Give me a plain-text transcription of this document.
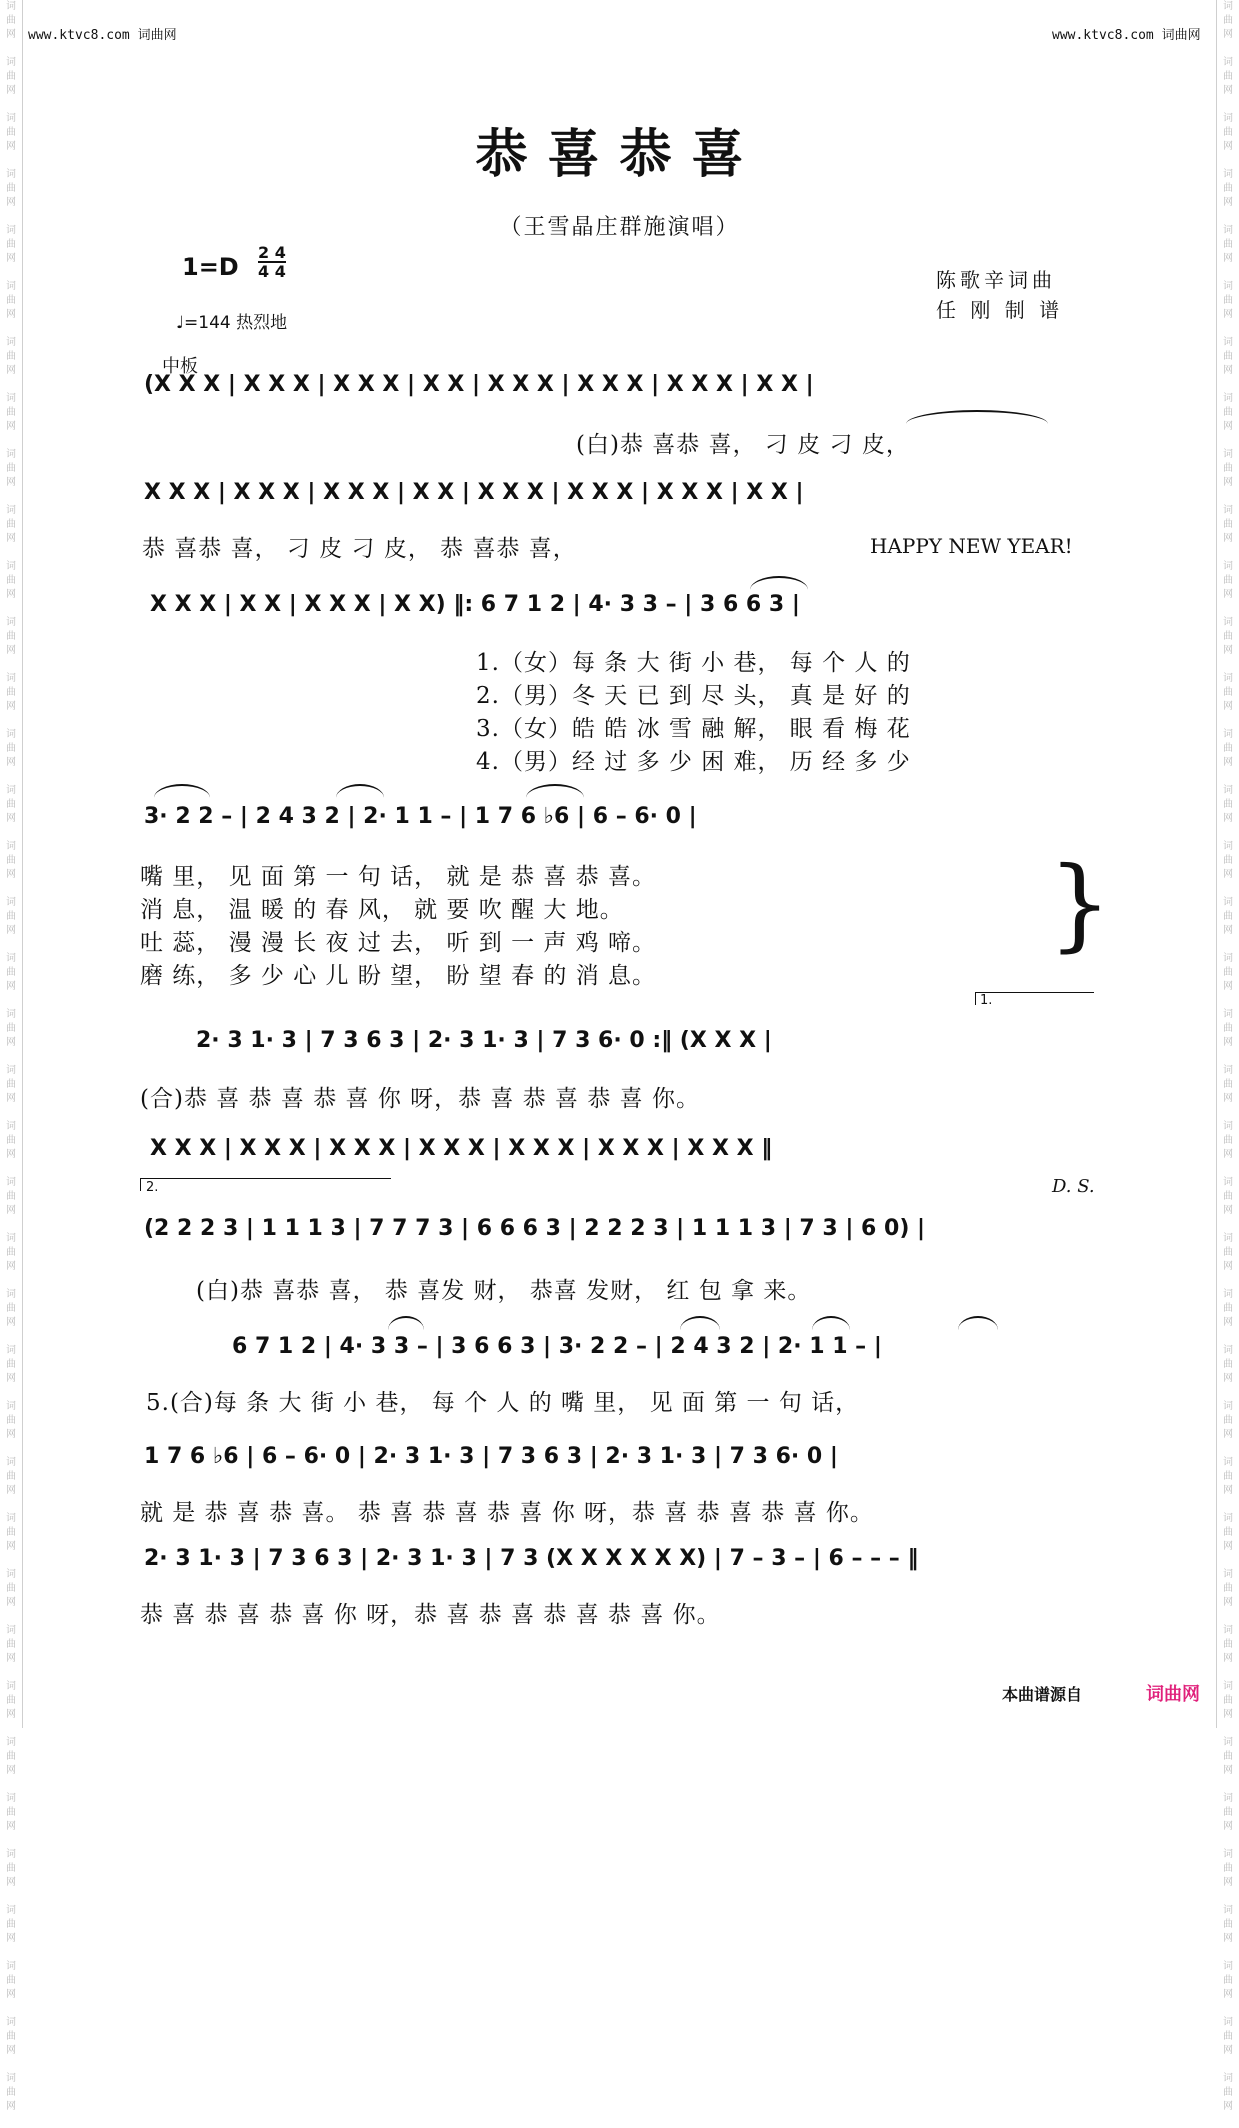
词
曲
网
词
曲
网
词
曲
网
词
曲
网
词
曲
网
词
曲
网
词
曲
网
词
曲
网
词
曲
网
词
曲
网
词
曲
网
词
曲
网
词
曲
网
词
曲
网
词
曲
网
词
曲
网
词
曲
网
词
曲
网
词
曲
网
词
曲
网
词
曲
网
词
曲
网
词
曲
网
词
曲
网
词
曲
网
词
曲
网
词
曲
网
词
曲
网
词
曲
网
词
曲
网
词
曲
网
词
曲
网
词
曲
网
词
曲
网
词
曲
网
词
曲
网
词
曲
网
词
曲
网
词
曲
网
词
曲
网
词
曲
网
词
曲
网
词
曲
网
词
曲
网
词
曲
网
词
曲
网
词
曲
网
词
曲
网
词
曲
网
词
曲
网
词
曲
网
词
曲
网
词
曲
网
词
曲
网
词
曲
网
词
曲
网
词
曲
网
词
曲
网
词
曲
网
词
曲
网
词
曲
网
词
曲
网
词
曲
网
词
曲
网
词
曲
网
词
曲
网
词
曲
网
词
曲
网
词
曲
网
词
曲
网
词
曲
网
词
曲
网
词
曲
网
词
曲
网
词
曲
网
词
曲
网
www.ktvc8.com 词曲网	www.ktvc8.com 词曲网
恭喜恭喜
（王雪晶庄群施演唱）
1=D
2 4
4 4
♩=144 热烈地
陈歌辛词曲
任 刚 制 谱
中板
(X X X | X X X | X X X | X X | X X X | X X X | X X X | X X |
(白)恭 喜恭 喜， 刁 皮 刁 皮，
X X X | X X X | X X X | X X | X X X | X X X | X X X | X X |
恭 喜恭 喜， 刁 皮 刁 皮， 恭 喜恭 喜，	HAPPY NEW YEAR!
X X X | X X | X X X | X X) ‖: 6 7 1 2 | 4· 3 3 – | 3 6 6 3 |
1.（女）每 条 大 街 小 巷， 每 个 人 的
2.（男）冬 天 已 到 尽 头， 真 是 好 的
3.（女）皓 皓 冰 雪 融 解， 眼 看 梅 花
4.（男）经 过 多 少 困 难， 历 经 多 少
3· 2 2 – | 2 4 3 2 | 2· 1 1 – | 1 7 6 ♭6 | 6 – 6· 0 |
嘴 里， 见 面 第 一 句 话， 就 是 恭 喜 恭 喜。
消 息， 温 暖 的 春 风， 就 要 吹 醒 大 地。
吐 蕊， 漫 漫 长 夜 过 去， 听 到 一 声 鸡 啼。
磨 练， 多 少 心 儿 盼 望， 盼 望 春 的 消 息。
}
1.
2· 3 1· 3 | 7 3 6 3 | 2· 3 1· 3 | 7 3 6· 0 :‖ (X X X |
(合)恭 喜 恭 喜 恭 喜 你 呀，恭 喜 恭 喜 恭 喜 你。
X X X | X X X | X X X | X X X | X X X | X X X | X X X ‖
2.	D. S.
(2 2 2 3 | 1 1 1 3 | 7 7 7 3 | 6 6 6 3 | 2 2 2 3 | 1 1 1 3 | 7 3 | 6 0) |
(白)恭 喜恭 喜， 恭 喜发 财， 恭喜 发财， 红 包 拿 来。
6 7 1 2 | 4· 3 3 – | 3 6 6 3 | 3· 2 2 – | 2 4 3 2 | 2· 1 1 – |
5.(合)每 条 大 街 小 巷， 每 个 人 的 嘴 里， 见 面 第 一 句 话，
1 7 6 ♭6 | 6 – 6· 0 | 2· 3 1· 3 | 7 3 6 3 | 2· 3 1· 3 | 7 3 6· 0 |
就 是 恭 喜 恭 喜。 恭 喜 恭 喜 恭 喜 你 呀，恭 喜 恭 喜 恭 喜 你。
2· 3 1· 3 | 7 3 6 3 | 2· 3 1· 3 | 7 3 (X X X X X X) | 7 – 3 – | 6 – – – ‖
恭 喜 恭 喜 恭 喜 你 呀，恭 喜 恭 喜 恭 喜 恭 喜 你。
本曲谱源自	词曲网
